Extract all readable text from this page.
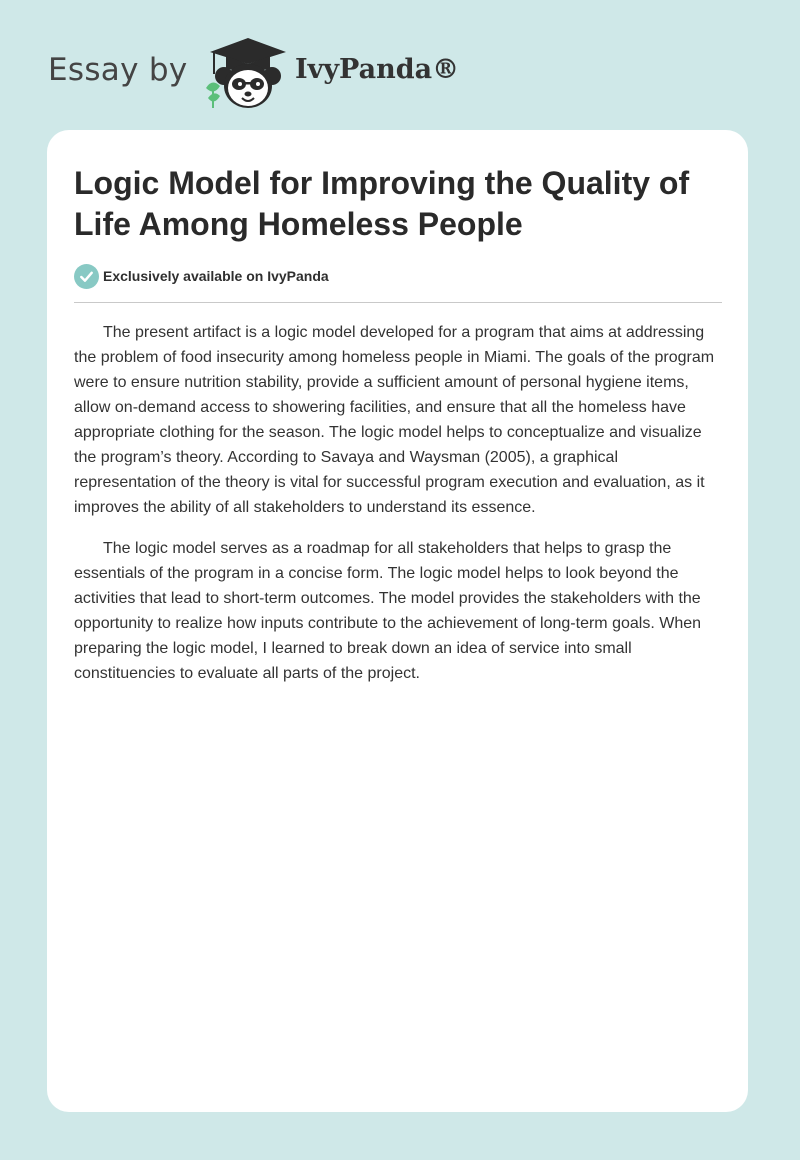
Essay by	IvyPanda®
Logic Model for Improving the Quality of Life Among Homeless People
Exclusively available on IvyPanda

The present artifact is a logic model developed for a program that aims at addressing the problem of food insecurity among homeless people in Miami. The goals of the program were to ensure nutrition stability, provide a sufficient amount of personal hygiene items, allow on-demand access to showering facilities, and ensure that all the homeless have appropriate clothing for the season. The logic model helps to conceptualize and visualize the program’s theory. According to Savaya and Waysman (2005), a graphical representation of the theory is vital for successful program execution and evaluation, as it improves the ability of all stakeholders to understand its essence.

The logic model serves as a roadmap for all stakeholders that helps to grasp the essentials of the program in a concise form. The logic model helps to look beyond the activities that lead to short-term outcomes. The model provides the stakeholders with the opportunity to realize how inputs contribute to the achievement of long-term goals. When preparing the logic model, I learned to break down an idea of service into small constituencies to evaluate all parts of the project.
